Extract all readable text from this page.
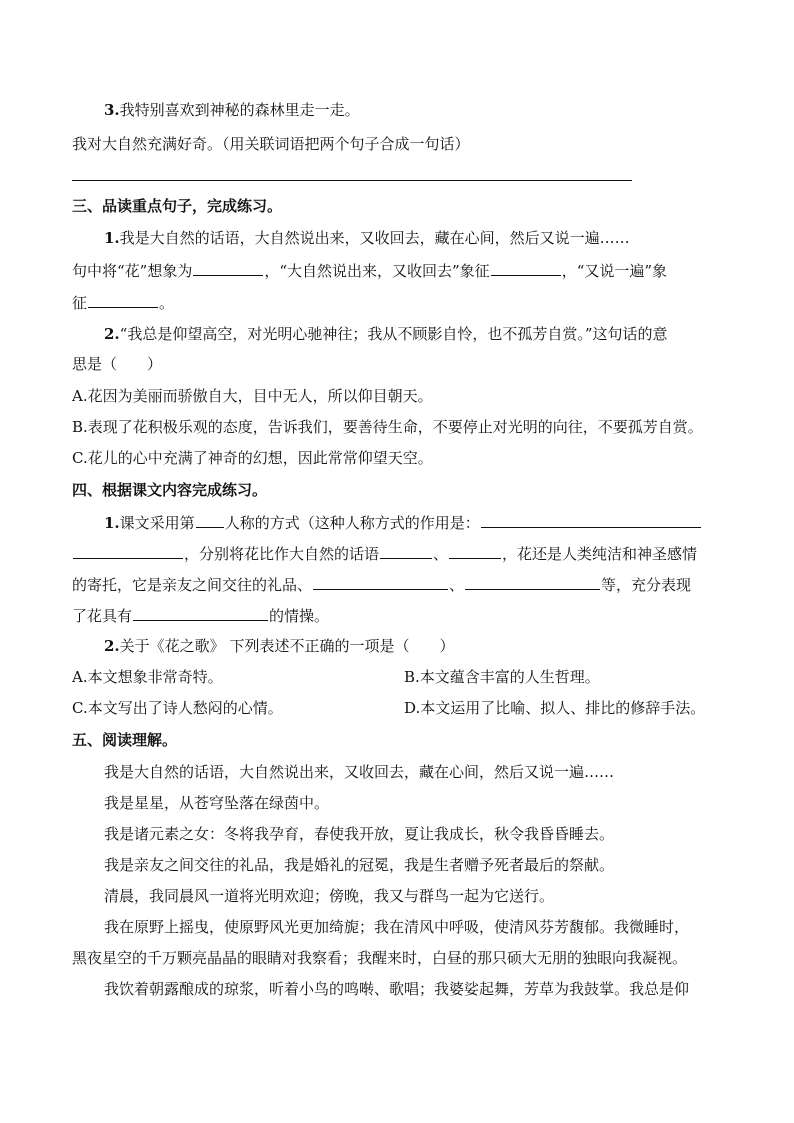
3.我特别喜欢到神秘的森林里走一走。
我对大自然充满好奇。（用关联词语把两个句子合成一句话）
三、品读重点句子，完成练习。
1.我是大自然的话语，大自然说出来，又收回去，藏在心间，然后又说一遍……
句中将“花”想象为	，“大自然说出来，又收回去”象征	，“又说一遍”象
征	。
2.“我总是仰望高空，对光明心驰神往；我从不顾影自怜，也不孤芳自赏。”这句话的意
思是（ ）
A.花因为美丽而骄傲自大，目中无人，所以仰目朝天。
B.表现了花积极乐观的态度，告诉我们，要善待生命，不要停止对光明的向往，不要孤芳自赏。
C.花儿的心中充满了神奇的幻想，因此常常仰望天空。
四、根据课文内容完成练习。
1.课文采用第 人称的方式（这种人称方式的作用是：
，分别将花比作大自然的话语	、	，花还是人类纯洁和神圣感情
的寄托，它是亲友之间交往的礼品、	、	等，充分表现
了花具有	的情操。
2.关于《花之歌》 下列表述不正确的一项是（ ）
A.本文想象非常奇特。	B.本文蕴含丰富的人生哲理。
C.本文写出了诗人愁闷的心情。	D.本文运用了比喻、拟人、排比的修辞手法。
五、阅读理解。
我是大自然的话语，大自然说出来，又收回去，藏在心间，然后又说一遍……
我是星星，从苍穹坠落在绿茵中。
我是诸元素之女：冬将我孕育，春使我开放，夏让我成长，秋令我昏昏睡去。
我是亲友之间交往的礼品，我是婚礼的冠冕，我是生者赠予死者最后的祭献。
清晨，我同晨风一道将光明欢迎；傍晚，我又与群鸟一起为它送行。
我在原野上摇曳，使原野风光更加绮旎；我在清风中呼吸，使清风芬芳馥郁。我微睡时，
黑夜星空的千万颗亮晶晶的眼睛对我察看；我醒来时，白昼的那只硕大无朋的独眼向我凝视。
我饮着朝露酿成的琼浆，听着小鸟的鸣啭、歌唱；我婆娑起舞，芳草为我鼓掌。我总是仰
